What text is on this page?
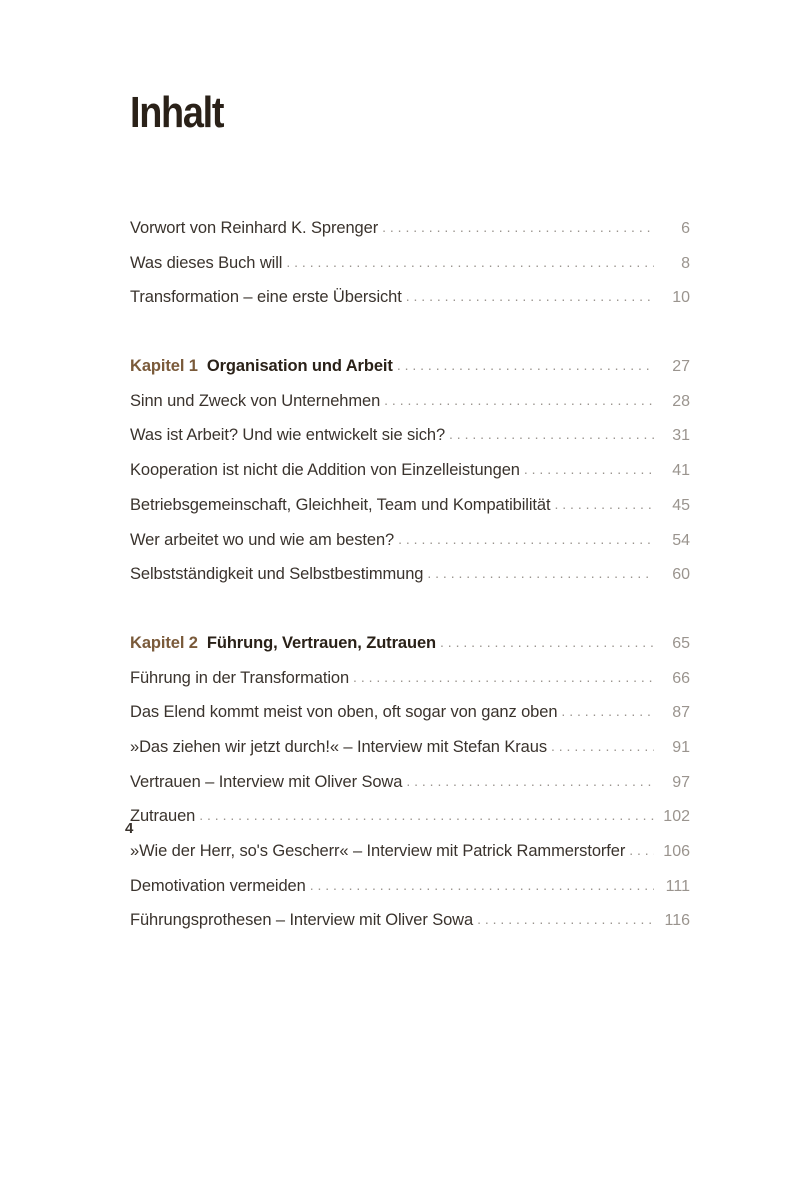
Inhalt
Vorwort von Reinhard K. Sprenger . . .	6
Was dieses Buch will . . .	8
Transformation – eine erste Übersicht . . .	10
Kapitel 1 Organisation und Arbeit . . .	27
Sinn und Zweck von Unternehmen . . .	28
Was ist Arbeit? Und wie entwickelt sie sich? . . .	31
Kooperation ist nicht die Addition von Einzelleistungen . . .	41
Betriebsgemeinschaft, Gleichheit, Team und Kompatibilität . . .	45
Wer arbeitet wo und wie am besten? . . .	54
Selbstständigkeit und Selbstbestimmung . . .	60
Kapitel 2 Führung, Vertrauen, Zutrauen . . .	65
Führung in der Transformation . . .	66
Das Elend kommt meist von oben, oft sogar von ganz oben . . .	87
»Das ziehen wir jetzt durch!« – Interview mit Stefan Kraus . . .	91
Vertrauen – Interview mit Oliver Sowa . . .	97
Zutrauen . . .	102
»Wie der Herr, so's Gescherr« – Interview mit Patrick Rammerstorfer . . . 106
Demotivation vermeiden . . .	111
Führungsprothesen – Interview mit Oliver Sowa . . .	116
4
